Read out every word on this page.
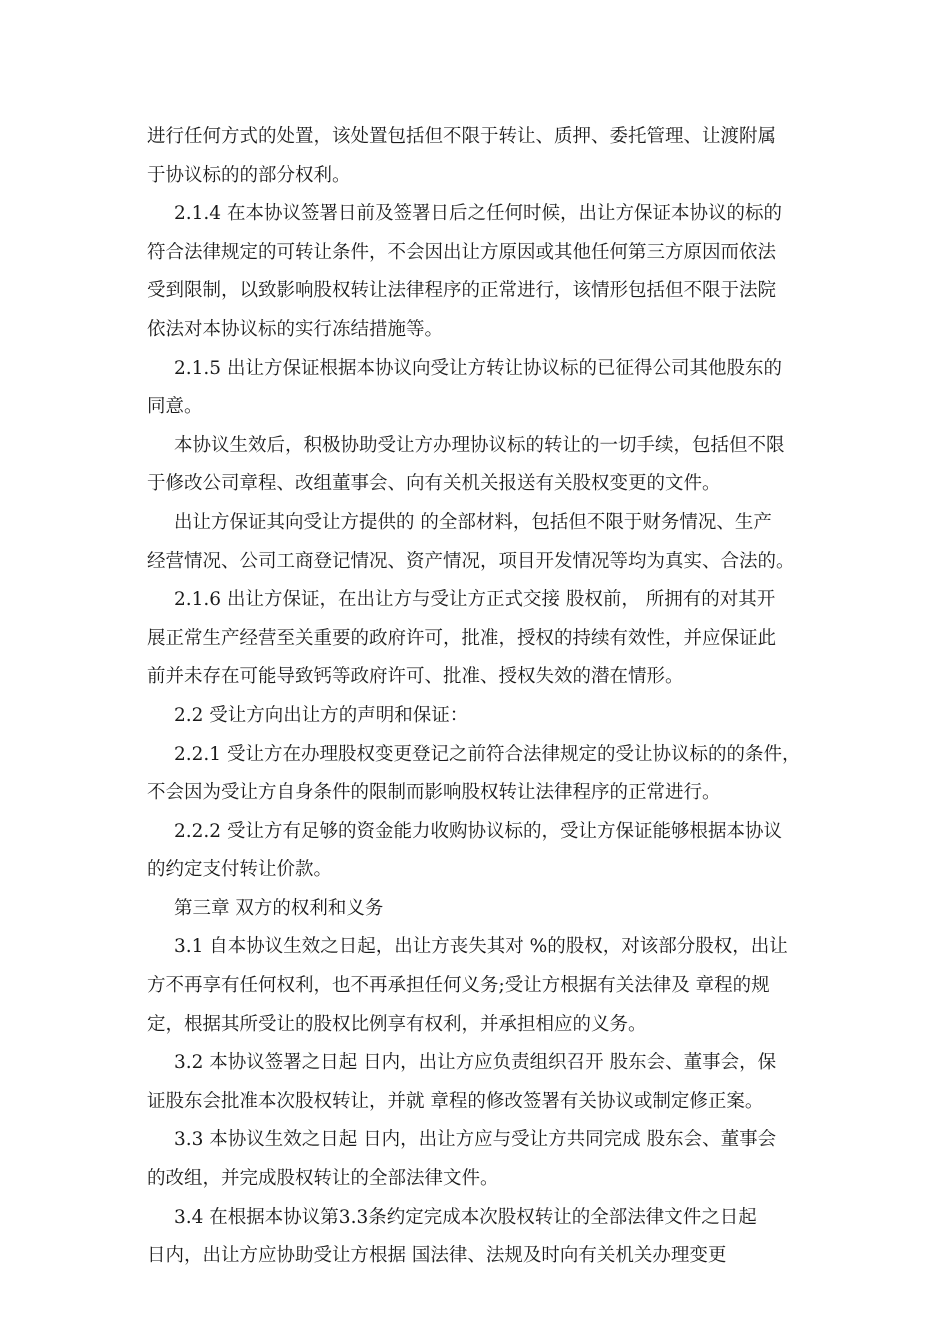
进行任何方式的处置，该处置包括但不限于转让、质押、委托管理、让渡附属
于协议标的的部分权利。
2.1.4 在本协议签署日前及签署日后之任何时候，出让方保证本协议的标的
符合法律规定的可转让条件，不会因出让方原因或其他任何第三方原因而依法
受到限制，以致影响股权转让法律程序的正常进行，该情形包括但不限于法院
依法对本协议标的实行冻结措施等。
2.1.5 出让方保证根据本协议向受让方转让协议标的已征得公司其他股东的
同意。
本协议生效后，积极协助受让方办理协议标的转让的一切手续，包括但不限
于修改公司章程、改组董事会、向有关机关报送有关股权变更的文件。
出让方保证其向受让方提供的 的全部材料，包括但不限于财务情况、生产
经营情况、公司工商登记情况、资产情况，项目开发情况等均为真实、合法的。
2.1.6 出让方保证，在出让方与受让方正式交接 股权前， 所拥有的对其开
展正常生产经营至关重要的政府许可，批准，授权的持续有效性，并应保证此
前并未存在可能导致钙等政府许可、批准、授权失效的潜在情形。
2.2 受让方向出让方的声明和保证：
2.2.1 受让方在办理股权变更登记之前符合法律规定的受让协议标的的条件，
不会因为受让方自身条件的限制而影响股权转让法律程序的正常进行。
2.2.2 受让方有足够的资金能力收购协议标的，受让方保证能够根据本协议
的约定支付转让价款。
第三章 双方的权利和义务
3.1 自本协议生效之日起，出让方丧失其对 %的股权，对该部分股权，出让
方不再享有任何权利，也不再承担任何义务;受让方根据有关法律及 章程的规
定，根据其所受让的股权比例享有权利，并承担相应的义务。
3.2 本协议签署之日起 日内，出让方应负责组织召开 股东会、董事会，保
证股东会批准本次股权转让，并就 章程的修改签署有关协议或制定修正案。
3.3 本协议生效之日起 日内，出让方应与受让方共同完成 股东会、董事会
的改组，并完成股权转让的全部法律文件。
3.4 在根据本协议第3.3条约定完成本次股权转让的全部法律文件之日起
日内，出让方应协助受让方根据 国法律、法规及时向有关机关办理变更
